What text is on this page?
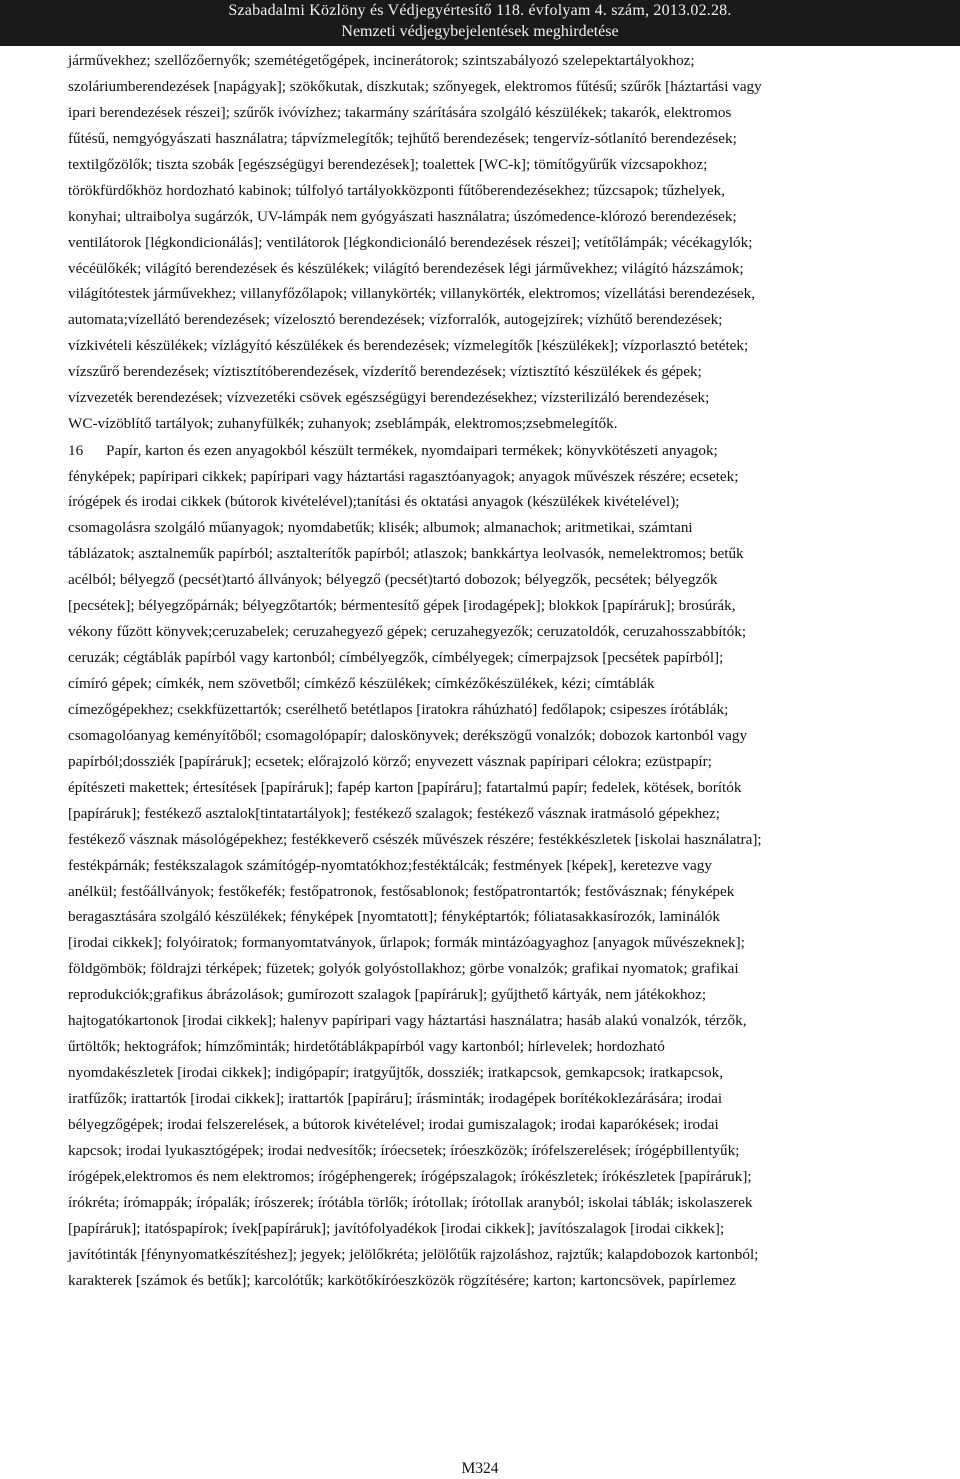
Szabadalmi Közlöny és Védjegyértesítő 118. évfolyam 4. szám, 2013.02.28.
Nemzeti védjegybejelentések meghirdetése
járművekhez; szellőzőernyők; szemétégetőgépek, incinerátorok; szintszabályozó szelepektartályokhoz;
szoláriumberendezések [napágyak]; szökőkutak, díszkutak; szőnyegek, elektromos fűtésű; szűrők [háztartási vagy
ipari berendezések részei]; szűrők ivóvízhez; takarmány szárítására szolgáló készülékek; takarók, elektromos
fűtésű, nemgyógyászati használatra; tápvízmelegítők; tejhűtő berendezések; tengervíz-sótlanító berendezések;
textilgőzölők; tiszta szobák [egészségügyi berendezések]; toalettek [WC-k]; tömítőgyűrűk vízcsapokhoz;
törökfürdőkhöz hordozható kabinok; túlfolyó tartályokközponti fűtőberendezésekhez; tűzcsapok; tűzhelyek,
konyhai; ultraibolya sugárzók, UV-lámpák nem gyógyászati használatra; úszómedence-klórozó berendezések;
ventilátorok [légkondicionálás]; ventilátorok [légkondicionáló berendezések részei]; vetítőlámpák; vécékagylók;
vécéülőkék; világító berendezések és készülékek; világító berendezések légi járművekhez; világító házszámok;
világítótestek járművekhez; villanyfőzőlapok; villanykörték; villanykörték, elektromos; vízellátási berendezések,
automata;vízellátó berendezések; vízelosztó berendezések; vízforralók, autogejzírek; vízhűtő berendezések;
vízkivételi készülékek; vízlágyító készülékek és berendezések; vízmelegítők [készülékek]; vízporlasztó betétek;
vízszűrő berendezések; víztisztítóberendezések, vízderítő berendezések; víztisztító készülékek és gépek;
vízvezeték berendezések; vízvezetéki csövek egészségügyi berendezésekhez; vízsterilizáló berendezések;
WC-vízöblítő tartályok; zuhanyfülkék; zuhanyok; zseblámpák, elektromos;zsebmelegítők.
16 Papír, karton és ezen anyagokból készült termékek, nyomdaipari termékek; könyvkötészeti anyagok;
fényképek; papíripari cikkek; papíripari vagy háztartási ragasztóanyagok; anyagok művészek részére; ecsetek;
írógépek és irodai cikkek (bútorok kivételével);tanítási és oktatási anyagok (készülékek kivételével);
csomagolásra szolgáló műanyagok; nyomdabetűk; klisék; albumok; almanachok; aritmetikai, számtani
táblázatok; asztalneműk papírból; asztalterítők papírból; atlaszok; bankkártya leolvasók, nemelektromos; betűk
acélból; bélyegző (pecsét)tartó állványok; bélyegző (pecsét)tartó dobozok; bélyegzők, pecsétek; bélyegzők
[pecsétek]; bélyegzőpárnák; bélyegzőtartók; bérmentesítő gépek [irodagépek]; blokkok [papíráruk]; brosúrák,
vékony fűzött könyvek;ceruzabelek; ceruzahegyező gépek; ceruzahegyezők; ceruzatoldók, ceruzahosszabbítók;
ceruzák; cégtáblák papírból vagy kartonból; címbélyegzők, címbélyegek; címerpajzsok [pecsétek papírból];
címíró gépek; címkék, nem szövetből; címkéző készülékek; címkézőkészülékek, kézi; címtáblák
címezőgépekhez; csekkfüzettartók; cserélhető betétlapos [iratokra ráhúzható] fedőlapok; csipeszes írótáblák;
csomagolóanyag keményítőből; csomagolópapír; daloskönyvek; derékszögű vonalzók; dobozok kartonból vagy
papírból;dossziék [papíráruk]; ecsetek; előrajzoló körző; enyvezett vásznak papíripari célokra; ezüstpapír;
építészeti makettek; értesítések [papíráruk]; fapép karton [papíráru]; fatartalmú papír; fedelek, kötések, borítók
[papíráruk]; festékező asztalok[tintatartályok]; festékező szalagok; festékező vásznak iratmásoló gépekhez;
festékező vásznak másológépekhez; festékkeverő csészék művészek részére; festékkészletek [iskolai használatra];
festékpárnák; festékszalagok számítógép-nyomtatókhoz;festéktálcák; festmények [képek], keretezve vagy
anélkül; festőállványok; festőkefék; festőpatronok, festősablonok; festőpatrontartók; festővásznak; fényképek
beragasztására szolgáló készülékek; fényképek [nyomtatott]; fényképtartók; fóliatasakkasírozók, laminálók
[irodai cikkek]; folyóiratok; formanyomtatványok, űrlapok; formák mintázóagyaghoz [anyagok művészeknek];
földgömbök; földrajzi térképek; füzetek; golyók golyóstollakhoz; görbe vonalzók; grafikai nyomatok; grafikai
reprodukciók;grafikus ábrázolások; gumírozott szalagok [papíráruk]; gyűjthető kártyák, nem játékokhoz;
hajtogatókartonok [irodai cikkek]; halenyv papíripari vagy háztartási használatra; hasáb alakú vonalzók, térzők,
űrtöltők; hektográfok; hímzőminták; hirdetőtáblákpapírból vagy kartonból; hírlevelek; hordozható
nyomdakészletek [irodai cikkek]; indigópapír; iratgyűjtők, dossziék; iratkapcsok, gemkapcsok; iratkapcsok,
iratfűzők; irattartók [irodai cikkek]; irattartók [papíráru]; írásminták; irodagépek borítékoklezárására; irodai
bélyegzőgépek; irodai felszerelések, a bútorok kivételével; irodai gumiszalagok; irodai kaparókések; irodai
kapcsok; irodai lyukasztógépek; irodai nedvesítők; íróecsetek; íróeszközök; írófelszerelések; írógépbillentyűk;
írógépek,elektromos és nem elektromos; írógéphengerek; írógépszalagok; írókészletek; írókészletek [papíráruk];
írókréta; írómappák; írópalák; írószerek; írótábla törlők; írótollak; írótollak aranyból; iskolai táblák; iskolaszerek
[papíráruk]; itatóspapírok; ívek[papíráruk]; javítófolyadékok [irodai cikkek]; javítószalagok [irodai cikkek];
javítótinták [fénynyomatkészítéshez]; jegyek; jelölőkréta; jelölőtűk rajzoláshoz, rajztűk; kalapdobozok kartonból;
karakterek [számok és betűk]; karcolótűk; karkötőkíróeszközök rögzítésére; karton; kartoncsövek, papírlemez
M324
